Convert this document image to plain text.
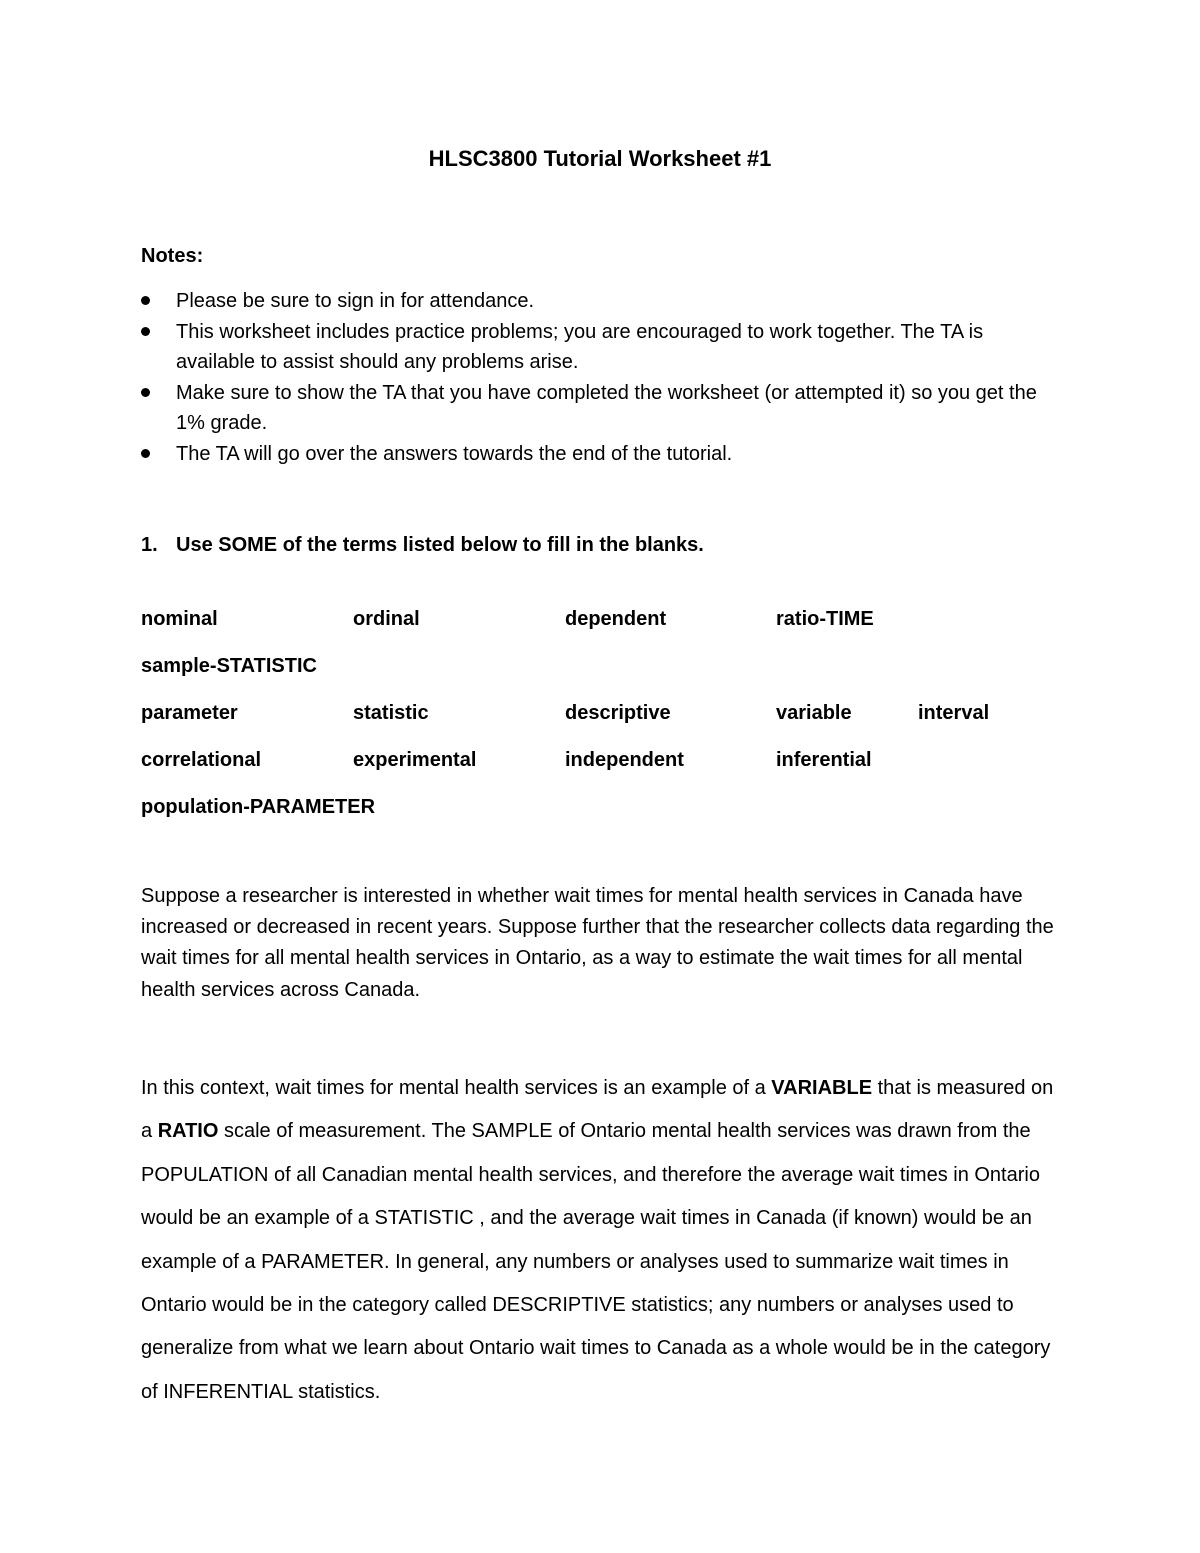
HLSC3800 Tutorial Worksheet #1
Notes:
Please be sure to sign in for attendance.
This worksheet includes practice problems; you are encouraged to work together. The TA is available to assist should any problems arise.
Make sure to show the TA that you have completed the worksheet (or attempted it) so you get the 1% grade.
The TA will go over the answers towards the end of the tutorial.
1. Use SOME of the terms listed below to fill in the blanks.
nominal	ordinal	dependent	ratio-TIME
sample-STATISTIC
parameter	statistic	descriptive	variable	interval
correlational	experimental	independent	inferential
population-PARAMETER

Suppose a researcher is interested in whether wait times for mental health services in Canada have increased or decreased in recent years. Suppose further that the researcher collects data regarding the wait times for all mental health services in Ontario, as a way to estimate the wait times for all mental health services across Canada.

In this context, wait times for mental health services is an example of a VARIABLE that is measured on a RATIO scale of measurement. The SAMPLE of Ontario mental health services was drawn from the POPULATION of all Canadian mental health services, and therefore the average wait times in Ontario would be an example of a STATISTIC , and the average wait times in Canada (if known) would be an example of a PARAMETER. In general, any numbers or analyses used to summarize wait times in Ontario would be in the category called DESCRIPTIVE statistics; any numbers or analyses used to generalize from what we learn about Ontario wait times to Canada as a whole would be in the category of INFERENTIAL statistics.
